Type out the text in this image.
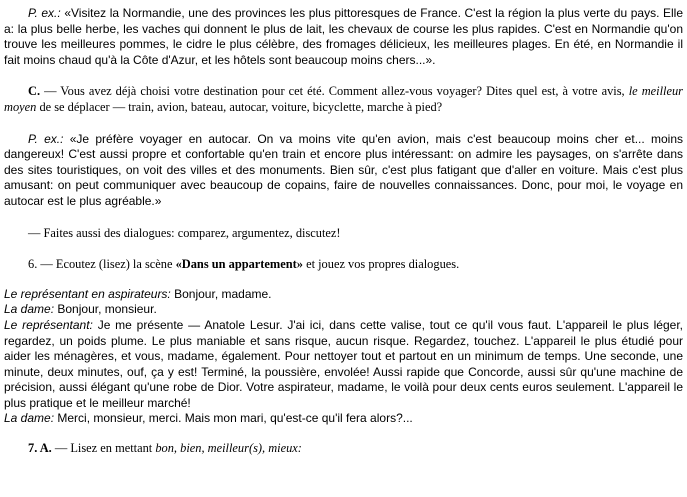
P. ex.: «Visitez la Normandie, une des provinces les plus pittoresques de France. C'est la région la plus verte du pays. Elle a: la plus belle herbe, les vaches qui donnent le plus de lait, les chevaux de course les plus rapides. C'est en Normandie qu'on trouve les meilleures pommes, le cidre le plus célèbre, des fromages délicieux, les meilleures plages. En été, en Normandie il fait moins chaud qu'à la Côte d'Azur, et les hôtels sont beaucoup moins chers...».

C. — Vous avez déjà choisi votre destination pour cet été. Comment allez-vous voyager? Dites quel est, à votre avis, le meilleur moyen de se déplacer — train, avion, bateau, autocar, voiture, bicyclette, marche à pied?

P. ex.: «Je préfère voyager en autocar. On va moins vite qu'en avion, mais c'est beaucoup moins cher et... moins dangereux! C'est aussi propre et confortable qu'en train et encore plus intéressant: on admire les paysages, on s'arrête dans des sites touristiques, on voit des villes et des monuments. Bien sûr, c'est plus fatigant que d'aller en voiture. Mais c'est plus amusant: on peut communiquer avec beaucoup de copains, faire de nouvelles connaissances. Donc, pour moi, le voyage en autocar est le plus agréable.»

— Faites aussi des dialogues: comparez, argumentez, discutez!

6. — Ecoutez (lisez) la scène «Dans un appartement» et jouez vos propres dialogues.

Le représentant en aspirateurs: Bonjour, madame.

La dame: Bonjour, monsieur.

Le représentant: Je me présente — Anatole Lesur. J'ai ici, dans cette valise, tout ce qu'il vous faut. L'appareil le plus léger, regardez, un poids plume. Le plus maniable et sans risque, aucun risque. Regardez, touchez. L'appareil le plus étudié pour aider les ménagères, et vous, madame, également. Pour nettoyer tout et partout en un minimum de temps. Une seconde, une minute, deux minutes, ouf, ça y est! Terminé, la poussière, envolée! Aussi rapide que Concorde, aussi sûr qu'une machine de précision, aussi élégant qu'une robe de Dior. Votre aspirateur, madame, le voilà pour deux cents euros seulement. L'appareil le plus pratique et le meilleur marché!

La dame: Merci, monsieur, merci. Mais mon mari, qu'est-ce qu'il fera alors?...

7. A. — Lisez en mettant bon, bien, meilleur(s), mieux:
